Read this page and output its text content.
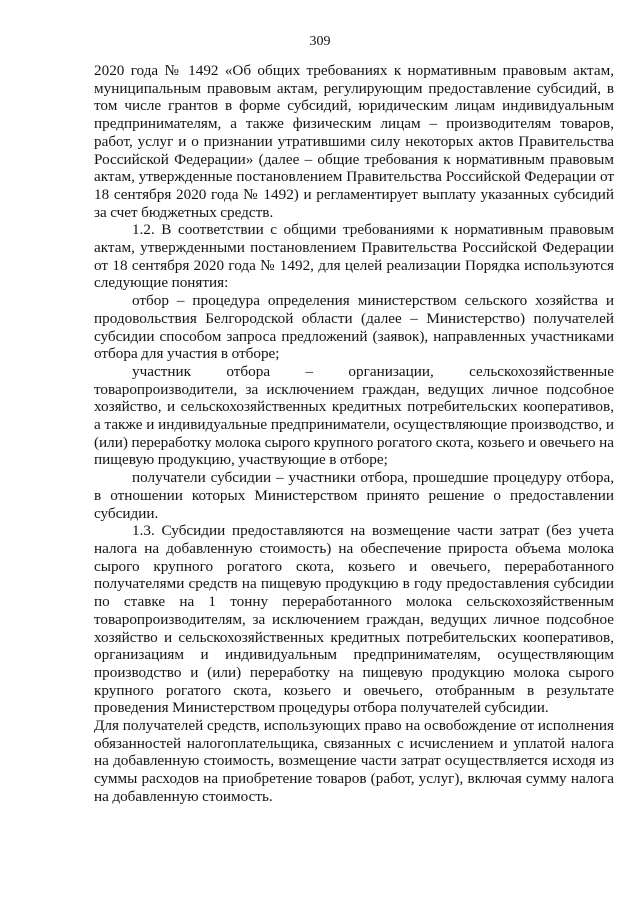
309

2020 года № 1492 «Об общих требованиях к нормативным правовым актам, муниципальным правовым актам, регулирующим предоставление субсидий, в том числе грантов в форме субсидий, юридическим лицам индивидуальным предпринимателям, а также физическим лицам – производителям товаров, работ, услуг и о признании утратившими силу некоторых актов Правительства Российской Федерации» (далее – общие требования к нормативным правовым актам, утвержденные постановлением Правительства Российской Федерации от 18 сентября 2020 года № 1492) и регламентирует выплату указанных субсидий за счет бюджетных средств.

1.2. В соответствии с общими требованиями к нормативным правовым актам, утвержденными постановлением Правительства Российской Федерации от 18 сентября 2020 года № 1492, для целей реализации Порядка используются следующие понятия:

отбор – процедура определения министерством сельского хозяйства и продовольствия Белгородской области (далее – Министерство) получателей субсидии способом запроса предложений (заявок), направленных участниками отбора для участия в отборе;

участник отбора – организации, сельскохозяйственные товаропроизводители, за исключением граждан, ведущих личное подсобное хозяйство, и сельскохозяйственных кредитных потребительских кооперативов, а также и индивидуальные предприниматели, осуществляющие производство, и (или) переработку молока сырого крупного рогатого скота, козьего и овечьего на пищевую продукцию, участвующие в отборе;

получатели субсидии – участники отбора, прошедшие процедуру отбора, в отношении которых Министерством принято решение о предоставлении субсидии.

1.3. Субсидии предоставляются на возмещение части затрат (без учета налога на добавленную стоимость) на обеспечение прироста объема молока сырого крупного рогатого скота, козьего и овечьего, переработанного получателями средств на пищевую продукцию в году предоставления субсидии по ставке на 1 тонну переработанного молока сельскохозяйственным товаропроизводителям, за исключением граждан, ведущих личное подсобное хозяйство и сельскохозяйственных кредитных потребительских кооперативов, организациям и индивидуальным предпринимателям, осуществляющим производство и (или) переработку на пищевую продукцию молока сырого крупного рогатого скота, козьего и овечьего, отобранным в результате проведения Министерством процедуры отбора получателей субсидии.

Для получателей средств, использующих право на освобождение от исполнения обязанностей налогоплательщика, связанных с исчислением и уплатой налога на добавленную стоимость, возмещение части затрат осуществляется исходя из суммы расходов на приобретение товаров (работ, услуг), включая сумму налога на добавленную стоимость.
